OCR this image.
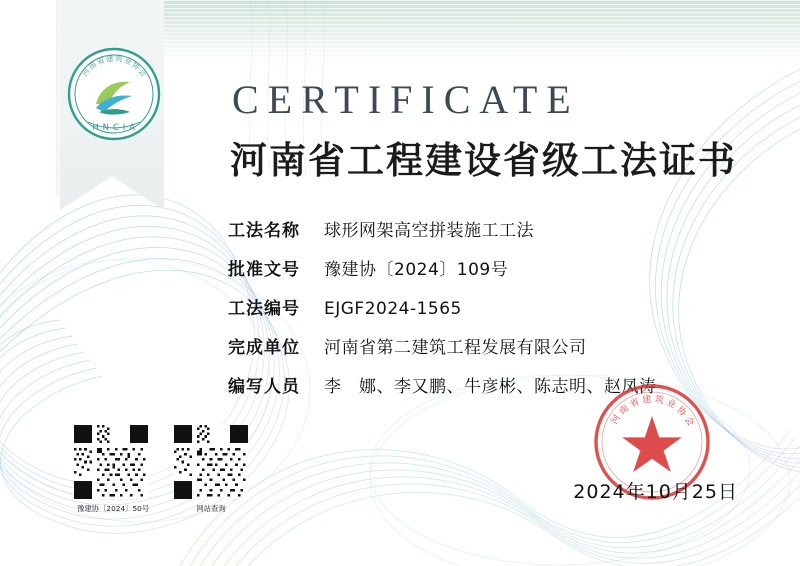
河
南
省 建 筑 业
协
会
H N C I A
CERTIFICATE
河南省工程建设省级工法证书
工法名称	球形网架高空拼装施工工法
批准文号	豫建协〔2024〕109号
工法编号	EJGF2024-1565
完成单位	河南省第二建筑工程发展有限公司
编写人员	李　娜、李又鹏、牛彦彬、陈志明、赵凤涛
豫建协〔2024〕50号	网站查询
河
南
省 建 筑 业
协
会
2024年10月25日
